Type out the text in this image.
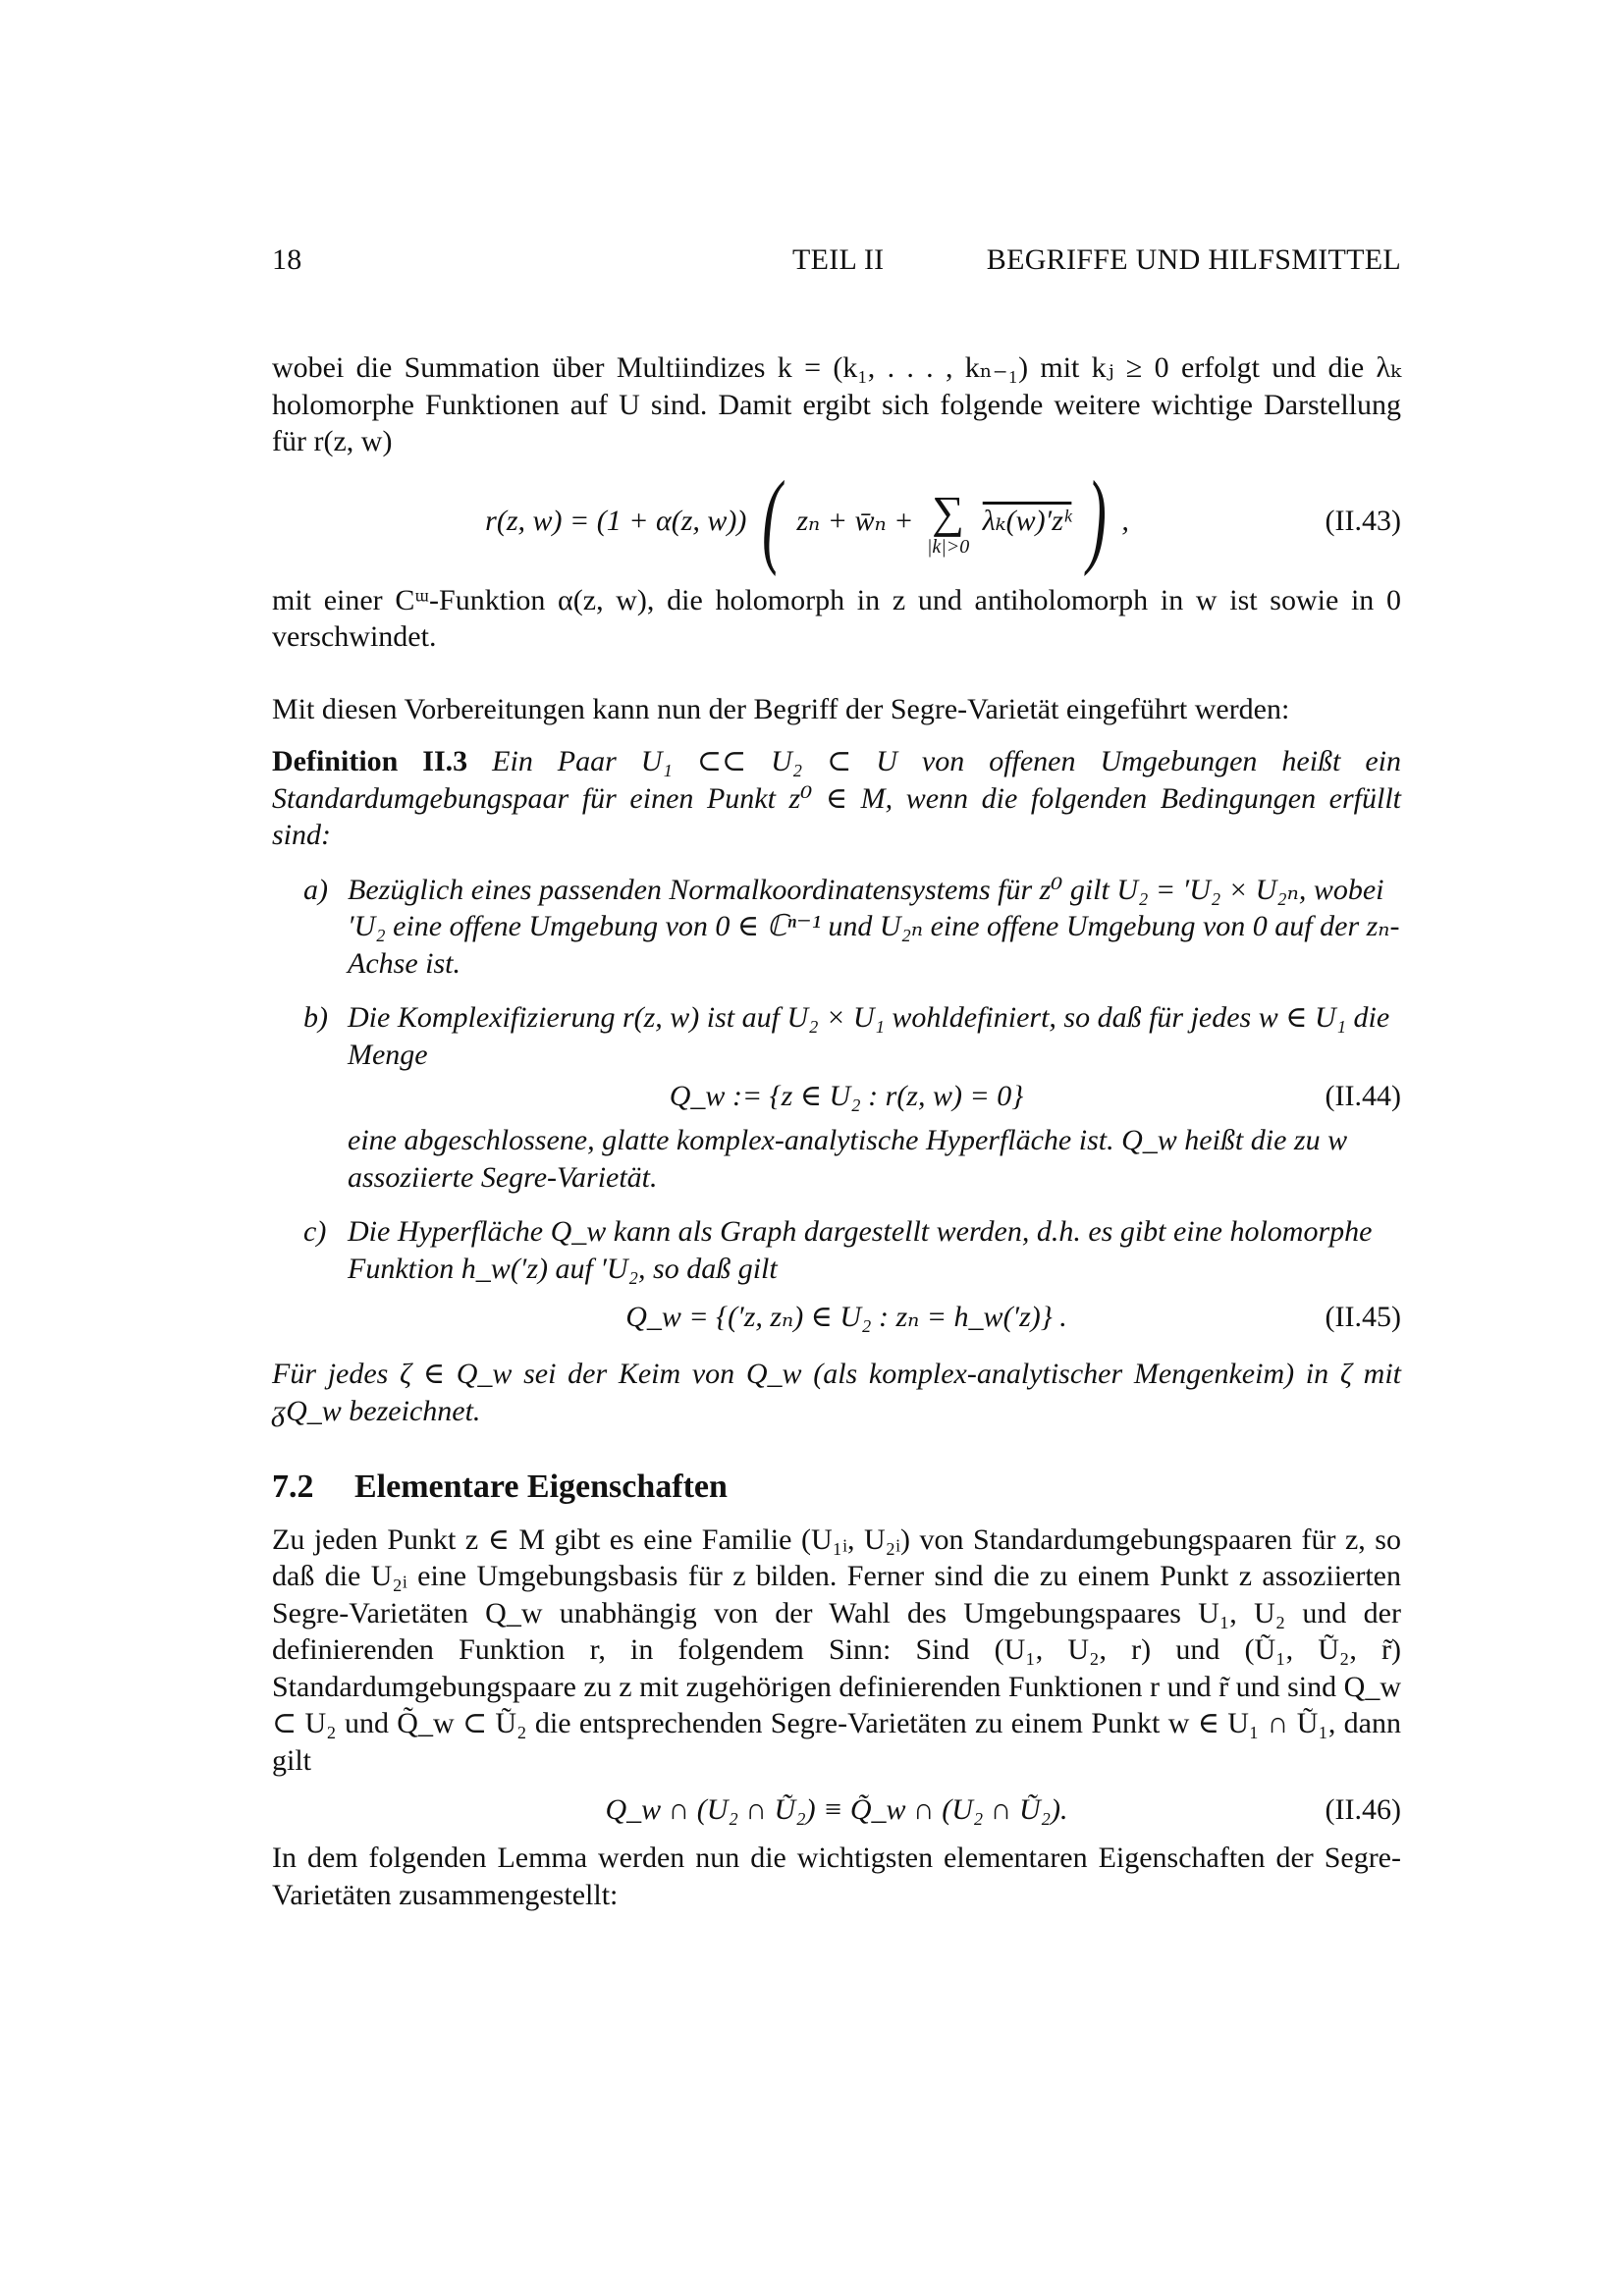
18	TEIL II	BEGRIFFE UND HILFSMITTEL

wobei die Summation über Multiindizes k = (k₁, . . . , kₙ₋₁) mit kⱼ ≥ 0 erfolgt und die λₖ holomorphe Funktionen auf U sind. Damit ergibt sich folgende weitere wichtige Darstellung für r(z, w)

r(z, w) = (1 + α(z, w)) ( zₙ + w̄ₙ + ∑
|k|>0
λₖ(w)′zᵏ ) ,	(II.43)

mit einer Cᵚ-Funktion α(z, w), die holomorph in z und antiholomorph in w ist sowie in 0 verschwindet.

Mit diesen Vorbereitungen kann nun der Begriff der Segre-Varietät eingeführt werden:

Definition II.3 Ein Paar U₁ ⊂⊂ U₂ ⊂ U von offenen Umgebungen heißt ein Standardumgebungspaar für einen Punkt z⁰ ∈ M, wenn die folgenden Bedingungen erfüllt sind:

a) Bezüglich eines passenden Normalkoordinatensystems für z⁰ gilt U₂ = ′U₂ × U₂ₙ, wobei ′U₂ eine offene Umgebung von 0 ∈ ℂⁿ⁻¹ und U₂ₙ eine offene Umgebung von 0 auf der zₙ-Achse ist.
b) Die Komplexifizierung r(z, w) ist auf U₂ × U₁ wohldefiniert, so daß für jedes w ∈ U₁ die Menge
Q_w := {z ∈ U₂ : r(z, w) = 0}	(II.44)
eine abgeschlossene, glatte komplex-analytische Hyperfläche ist. Q_w heißt die zu w assoziierte Segre-Varietät.
c) Die Hyperfläche Q_w kann als Graph dargestellt werden, d.h. es gibt eine holomorphe Funktion h_w(′z) auf ′U₂, so daß gilt
Q_w = {(′z, zₙ) ∈ U₂ : zₙ = h_w(′z)} .	(II.45)

Für jedes ζ ∈ Q_w sei der Keim von Q_w (als komplex-analytischer Mengenkeim) in ζ mit ᵹQ_w bezeichnet.

7.2 Elementare Eigenschaften

Zu jeden Punkt z ∈ M gibt es eine Familie (U₁ᵢ, U₂ᵢ) von Standardumgebungspaaren für z, so daß die U₂ᵢ eine Umgebungsbasis für z bilden. Ferner sind die zu einem Punkt z assoziierten Segre-Varietäten Q_w unabhängig von der Wahl des Umgebungspaares U₁, U₂ und der definierenden Funktion r, in folgendem Sinn: Sind (U₁, U₂, r) und (Ũ₁, Ũ₂, r̃) Standardumgebungspaare zu z mit zugehörigen definierenden Funktionen r und r̃ und sind Q_w ⊂ U₂ und Q̃_w ⊂ Ũ₂ die entsprechenden Segre-Varietäten zu einem Punkt w ∈ U₁ ∩ Ũ₁, dann gilt

Q_w ∩ (U₂ ∩ Ũ₂) ≡ Q̃_w ∩ (U₂ ∩ Ũ₂).	(II.46)

In dem folgenden Lemma werden nun die wichtigsten elementaren Eigenschaften der Segre-Varietäten zusammengestellt:
